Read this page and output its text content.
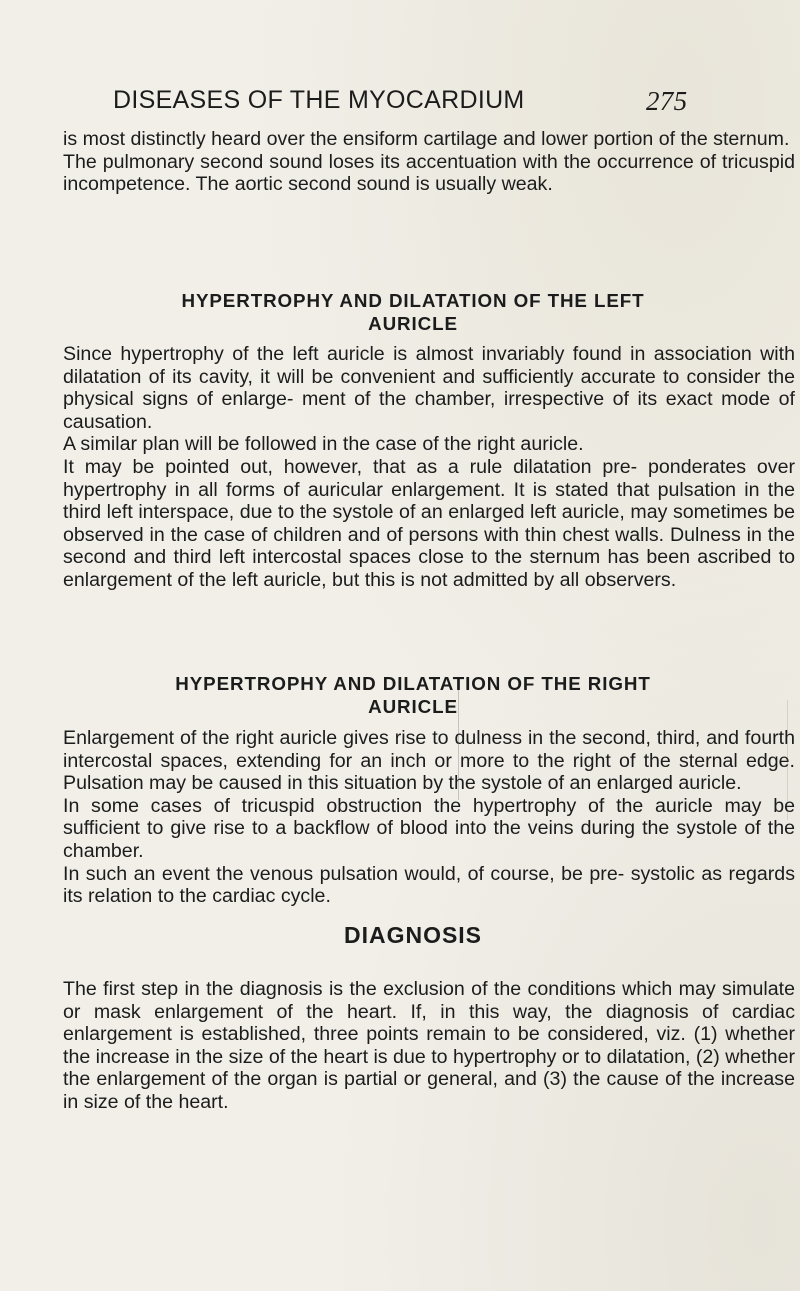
DISEASES OF THE MYOCARDIUM	275

is most distinctly heard over the ensiform cartilage and lower portion of the sternum.

The pulmonary second sound loses its accentuation with the occurrence of tricuspid incompetence. The aortic second sound is usually weak.

HYPERTROPHY AND DILATATION OF THE LEFT
AURICLE

Since hypertrophy of the left auricle is almost invariably found in association with dilatation of its cavity, it will be convenient and sufficiently accurate to consider the physical signs of enlarge- ment of the chamber, irrespective of its exact mode of causation.

A similar plan will be followed in the case of the right auricle.

It may be pointed out, however, that as a rule dilatation pre- ponderates over hypertrophy in all forms of auricular enlargement. It is stated that pulsation in the third left interspace, due to the systole of an enlarged left auricle, may sometimes be observed in the case of children and of persons with thin chest walls. Dulness in the second and third left intercostal spaces close to the sternum has been ascribed to enlargement of the left auricle, but this is not admitted by all observers.

HYPERTROPHY AND DILATATION OF THE RIGHT
AURICLE

Enlargement of the right auricle gives rise to dulness in the second, third, and fourth intercostal spaces, extending for an inch or more to the right of the sternal edge. Pulsation may be caused in this situation by the systole of an enlarged auricle.

In some cases of tricuspid obstruction the hypertrophy of the auricle may be sufficient to give rise to a backflow of blood into the veins during the systole of the chamber.

In such an event the venous pulsation would, of course, be pre- systolic as regards its relation to the cardiac cycle.

DIAGNOSIS

The first step in the diagnosis is the exclusion of the conditions which may simulate or mask enlargement of the heart. If, in this way, the diagnosis of cardiac enlargement is established, three points remain to be considered, viz. (1) whether the increase in the size of the heart is due to hypertrophy or to dilatation, (2) whether the enlargement of the organ is partial or general, and (3) the cause of the increase in size of the heart.
